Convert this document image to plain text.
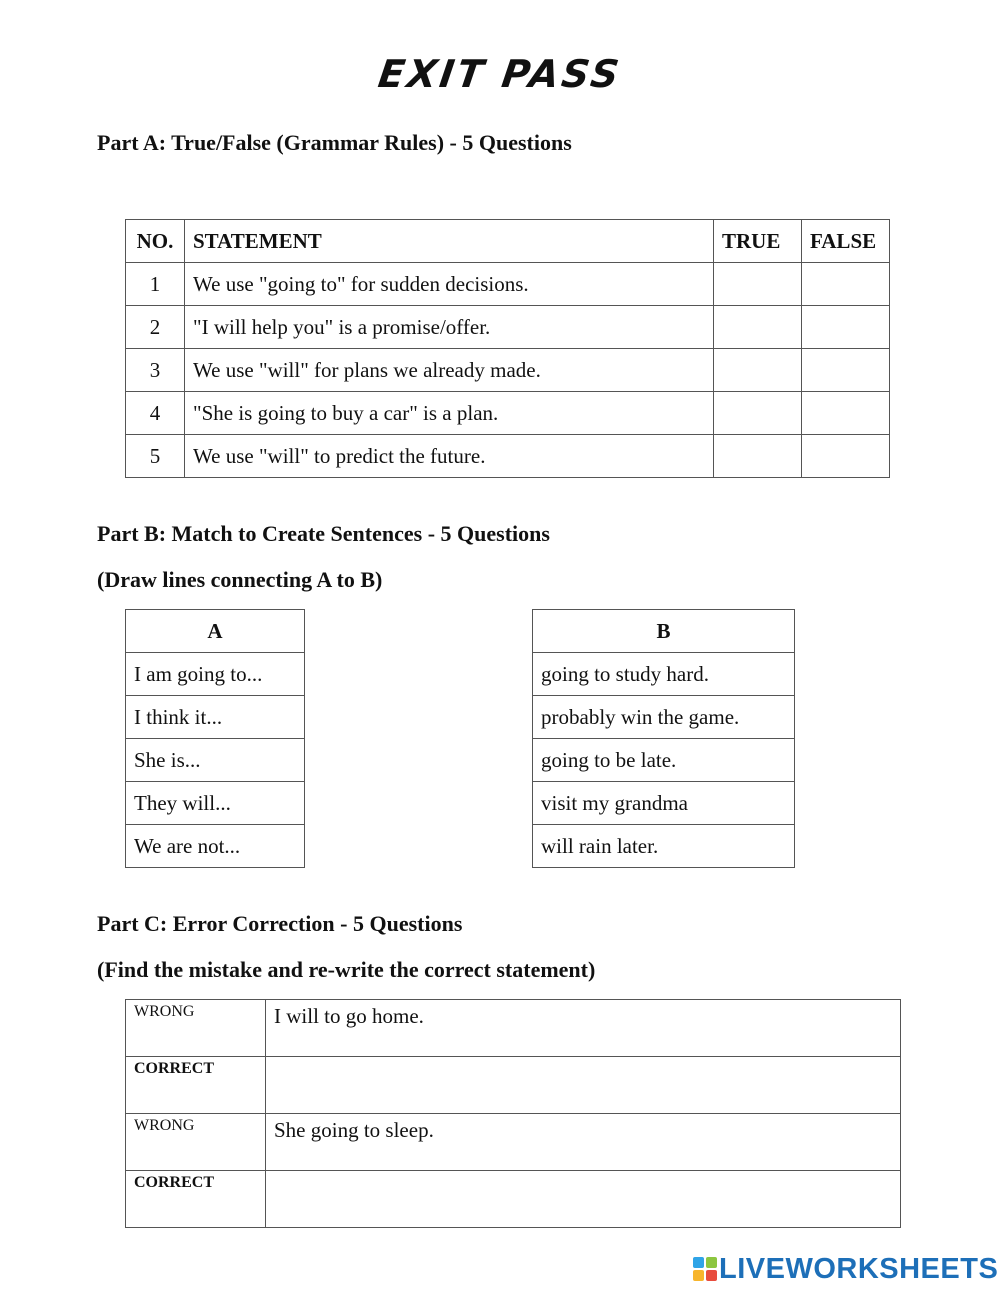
EXIT PASS
Part A: True/False (Grammar Rules) - 5 Questions
NO.	STATEMENT	TRUE	FALSE
1	We use "going to" for sudden decisions.		
2	"I will help you" is a promise/offer.		
3	We use "will" for plans we already made.		
4	"She is going to buy a car" is a plan.		
5	We use "will" to predict the future.		
Part B: Match to Create Sentences - 5 Questions
(Draw lines connecting A to B)
A
I am going to...
I think it...
She is...
They will...
We are not...
B
going to study hard.
probably win the game.
going to be late.
visit my grandma
will rain later.
Part C: Error Correction - 5 Questions
(Find the mistake and re-write the correct statement)
WRONG	I will to go home.
CORRECT	
WRONG	She going to sleep.
CORRECT	
LIVEWORKSHEETS
